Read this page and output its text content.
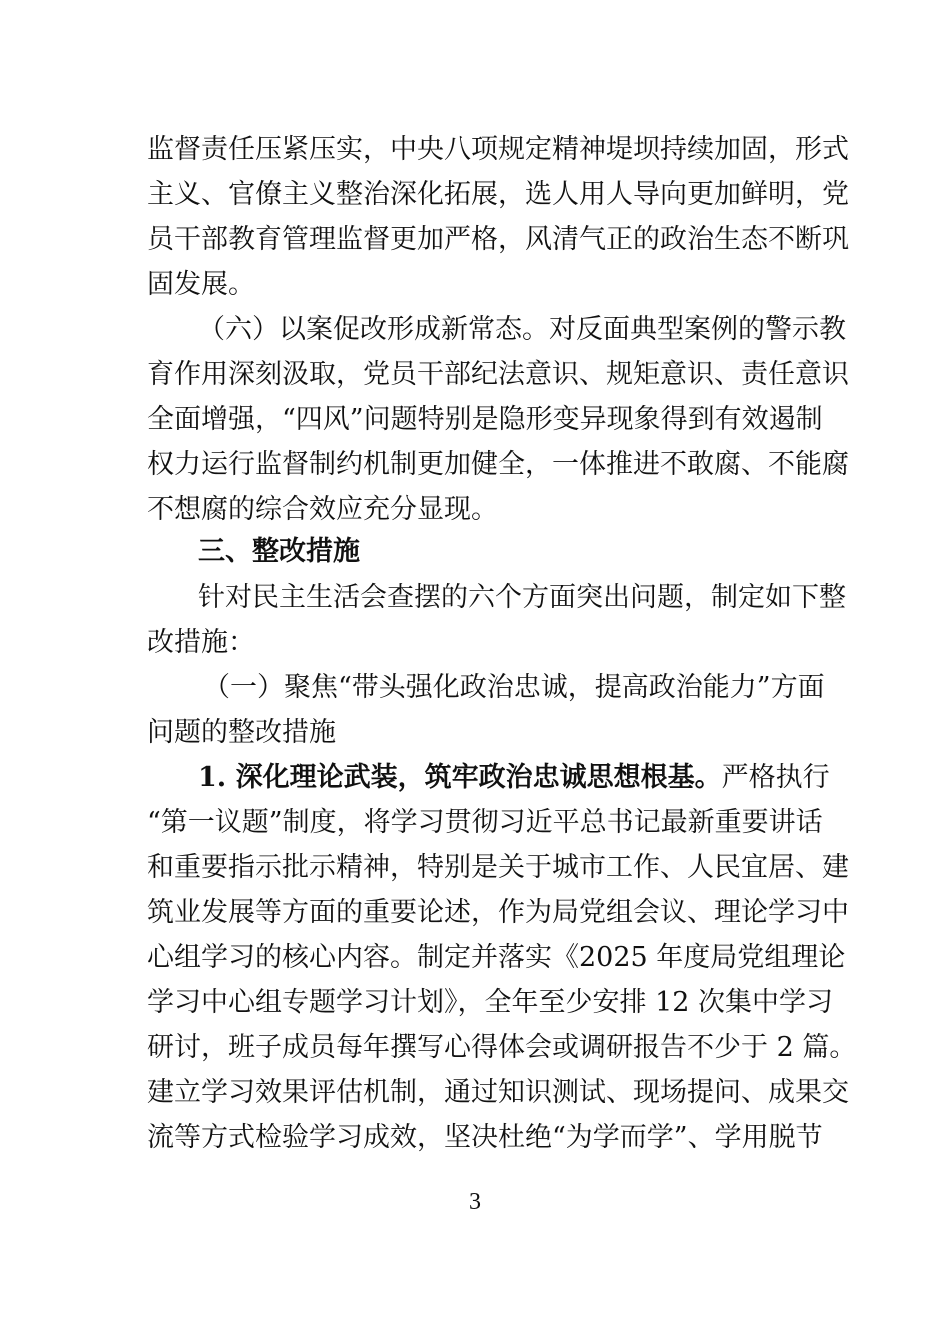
监督责任压紧压实，中央八项规定精神堤坝持续加固，形式
主义、官僚主义整治深化拓展，选人用人导向更加鲜明，党
员干部教育管理监督更加严格，风清气正的政治生态不断巩
固发展。
（六）以案促改形成新常态。对反面典型案例的警示教
育作用深刻汲取，党员干部纪法意识、规矩意识、责任意识
全面增强，“四风”问题特别是隐形变异现象得到有效遏制
权力运行监督制约机制更加健全，一体推进不敢腐、不能腐
不想腐的综合效应充分显现。
三、整改措施
针对民主生活会查摆的六个方面突出问题，制定如下整
改措施：
（一）聚焦“带头强化政治忠诚，提高政治能力”方面
问题的整改措施
1. 深化理论武装，筑牢政治忠诚思想根基。严格执行
“第一议题”制度，将学习贯彻习近平总书记最新重要讲话
和重要指示批示精神，特别是关于城市工作、人民宜居、建
筑业发展等方面的重要论述，作为局党组会议、理论学习中
心组学习的核心内容。制定并落实《2025 年度局党组理论
学习中心组专题学习计划》，全年至少安排 12 次集中学习
研讨，班子成员每年撰写心得体会或调研报告不少于 2 篇。
建立学习效果评估机制，通过知识测试、现场提问、成果交
流等方式检验学习成效，坚决杜绝“为学而学”、学用脱节
3
